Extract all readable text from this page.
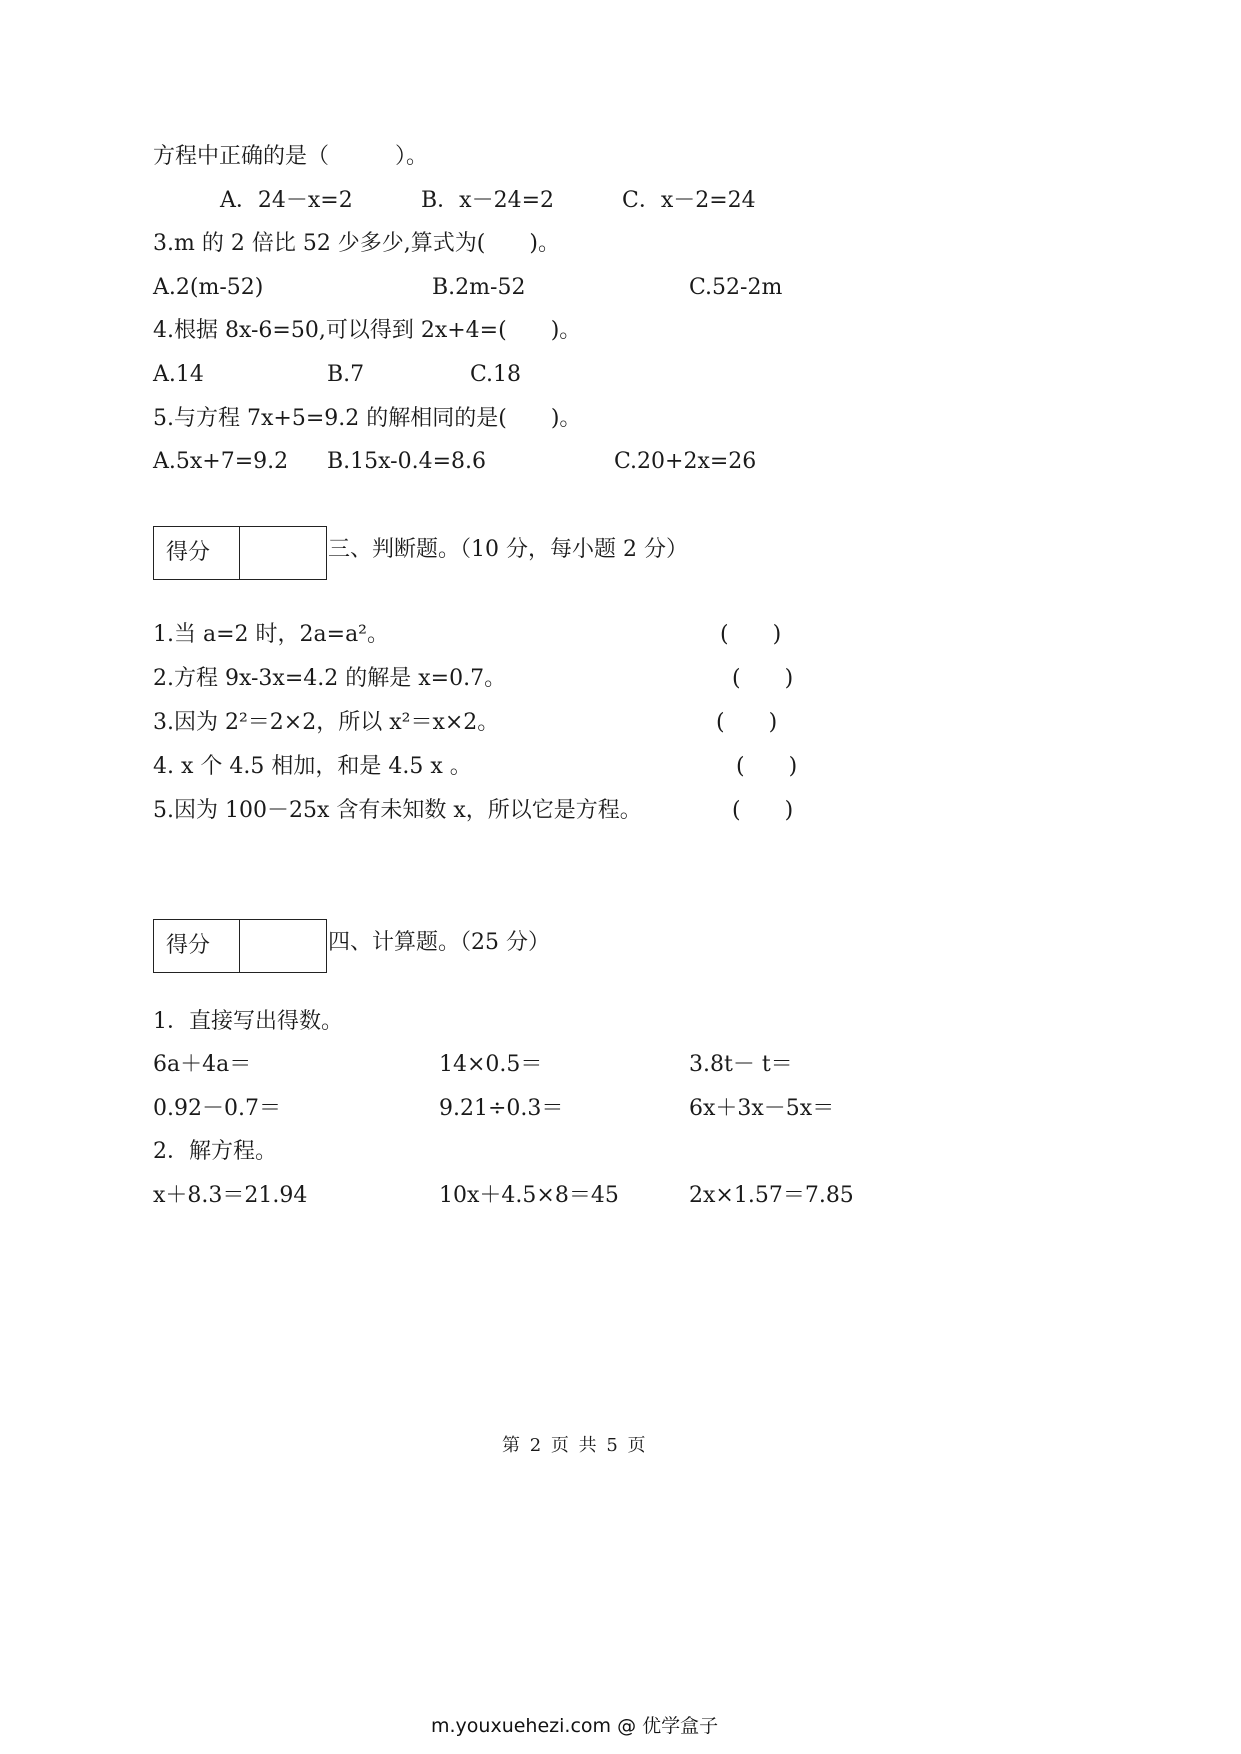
方程中正确的是（　　　）。
A．24－x=2	B．x－24=2	C．x－2=24
3.m 的 2 倍比 52 少多少,算式为(　　)。
A.2(m-52)	B.2m-52	C.52-2m
4.根据 8x-6=50,可以得到 2x+4=(　　)。
A.14	B.7	C.18
5.与方程 7x+5=9.2 的解相同的是(　　)。
A.5x+7=9.2 B.15x-0.4=8.6	C.20+2x=26
得分	三、判断题。（10 分，每小题 2 分）
1.当 a=2 时，2a=a²。	(　　)
2.方程 9x-3x=4.2 的解是 x=0.7。	(　　)
3.因为 2²＝2×2，所以 x²＝x×2。	(　　)
4. x 个 4.5 相加，和是 4.5 x 。	(　　)
5.因为 100－25x 含有未知数 x，所以它是方程。	(　　)
得分	四、计算题。（25 分）
1．直接写出得数。
6a＋4a＝	14×0.5＝	3.8t－ t＝
0.92－0.7＝	9.21÷0.3＝	6x＋3x－5x＝
2．解方程。
x＋8.3＝21.94	10x＋4.5×8＝45	2x×1.57＝7.85
第 2 页 共 5 页
m.youxuehezi.com @ 优学盒子
